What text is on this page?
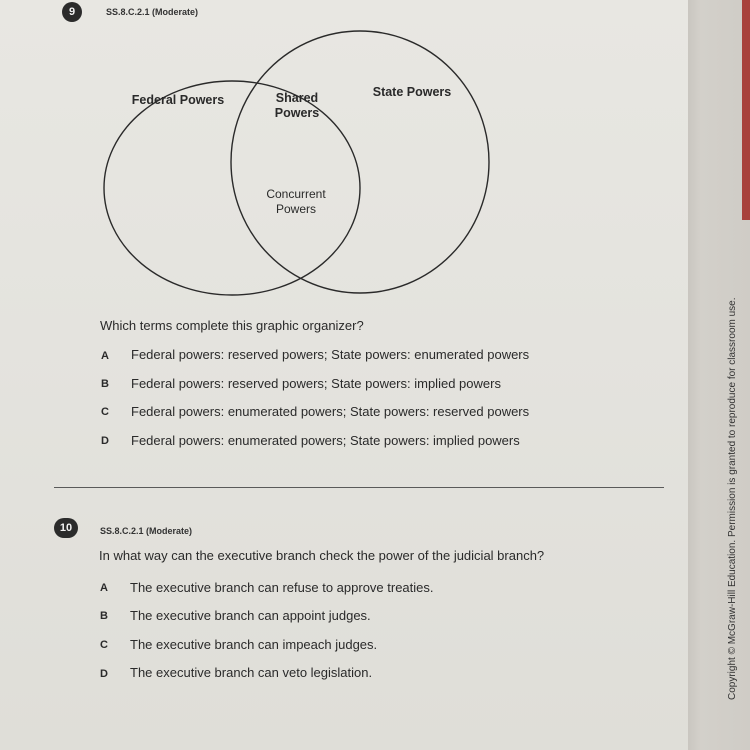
9	SS.8.C.2.1 (Moderate)
Federal Powers
State Powers
Shared
Powers
Concurrent
Powers
Which terms complete this graphic organizer?
A Federal powers: reserved powers; State powers: enumerated powers
B Federal powers: reserved powers; State powers: implied powers
C Federal powers: enumerated powers; State powers: reserved powers
D Federal powers: enumerated powers; State powers: implied powers
10	SS.8.C.2.1 (Moderate)
In what way can the executive branch check the power of the judicial branch?
A The executive branch can refuse to approve treaties.
B The executive branch can appoint judges.
C The executive branch can impeach judges.
D The executive branch can veto legislation.	Copyright © McGraw-Hill Education. Permission is granted to reproduce for classroom use.
